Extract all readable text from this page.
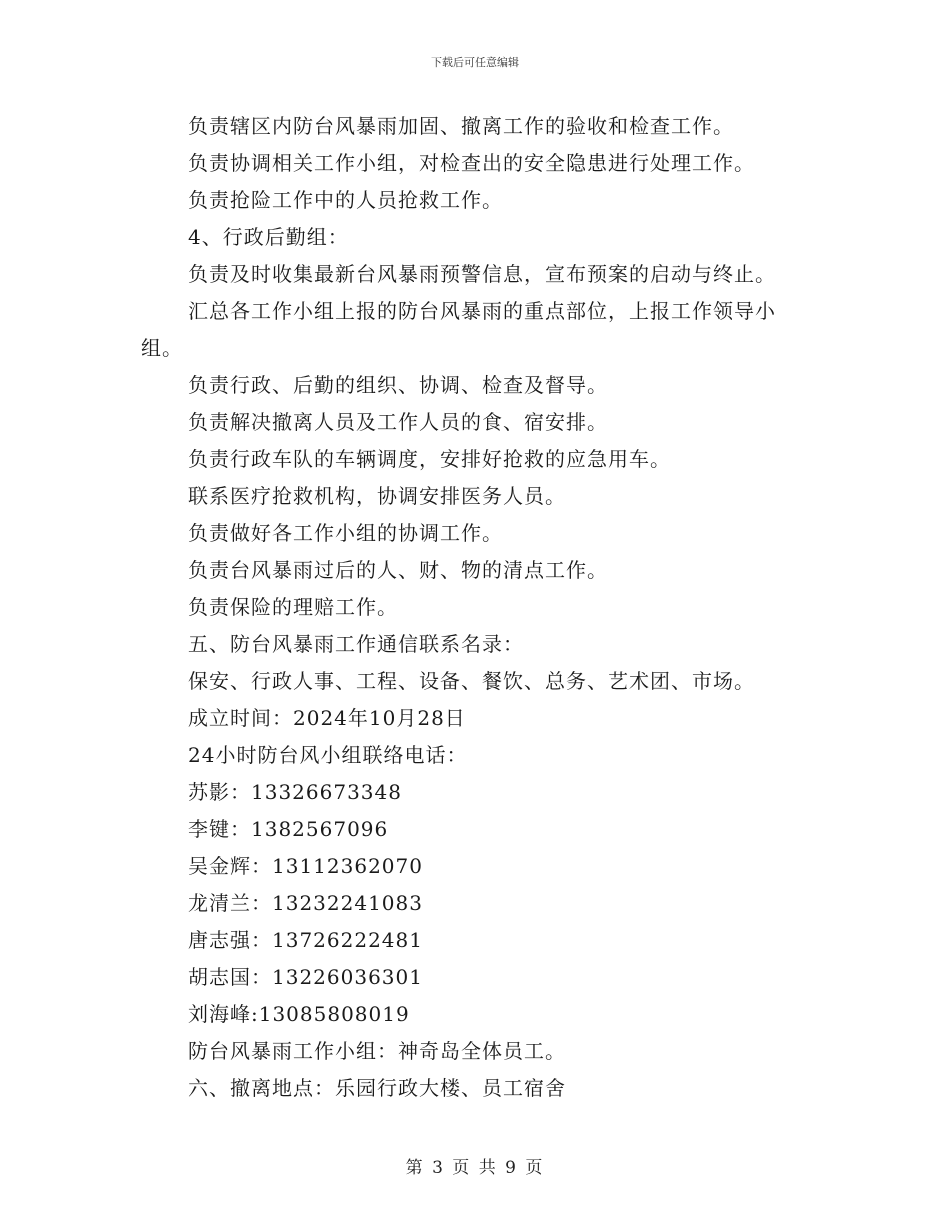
下载后可任意编辑
负责辖区内防台风暴雨加固、撤离工作的验收和检查工作。
负责协调相关工作小组，对检查出的安全隐患进行处理工作。
负责抢险工作中的人员抢救工作。
4、行政后勤组：
负责及时收集最新台风暴雨预警信息，宣布预案的启动与终止。
汇总各工作小组上报的防台风暴雨的重点部位，上报工作领导小
组。
负责行政、后勤的组织、协调、检查及督导。
负责解决撤离人员及工作人员的食、宿安排。
负责行政车队的车辆调度，安排好抢救的应急用车。
联系医疗抢救机构，协调安排医务人员。
负责做好各工作小组的协调工作。
负责台风暴雨过后的人、财、物的清点工作。
负责保险的理赔工作。
五、防台风暴雨工作通信联系名录：
保安、行政人事、工程、设备、餐饮、总务、艺术团、市场。
成立时间：2024年10月28日
24小时防台风小组联络电话：
苏影：13326673348
李键：1382567096
吴金辉：13112362070
龙清兰：13232241083
唐志强：13726222481
胡志国：13226036301
刘海峰:13085808019
防台风暴雨工作小组：神奇岛全体员工。
六、撤离地点：乐园行政大楼、员工宿舍
第 3 页 共 9 页
